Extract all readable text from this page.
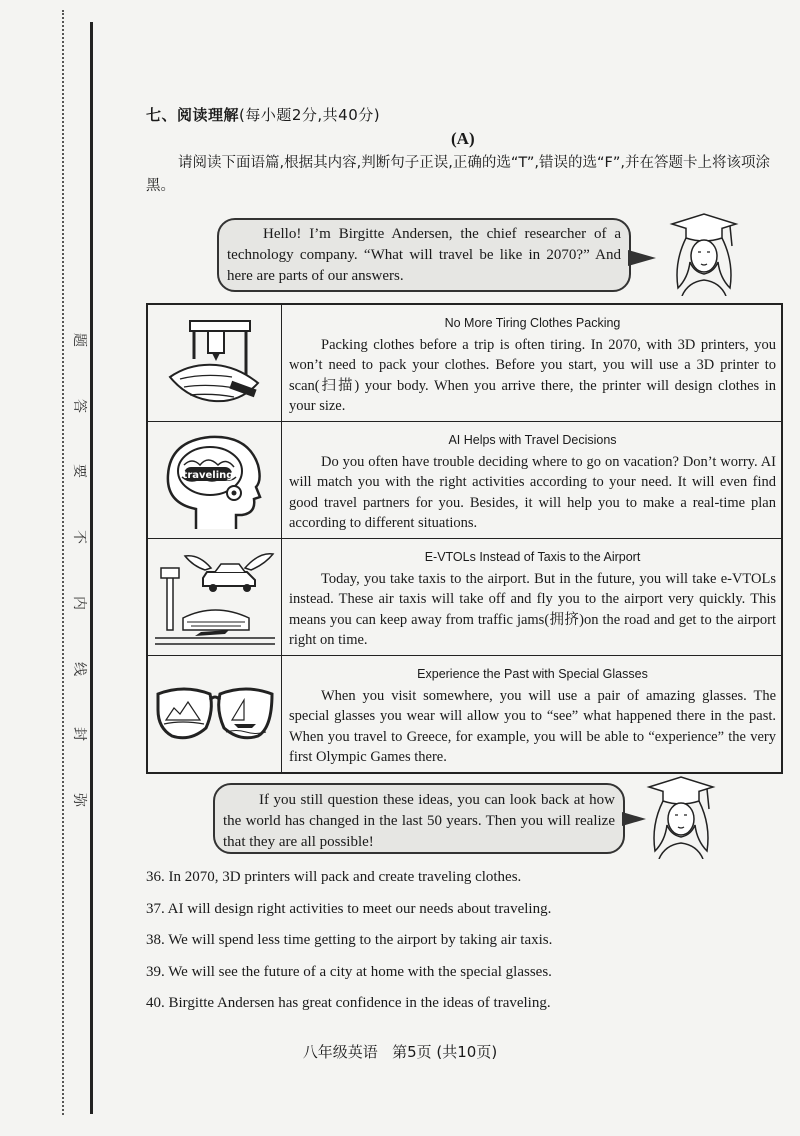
题
答
要
不
内
线
封
弥
七、阅读理解(每小题2分,共40分)
(A)
请阅读下面语篇,根据其内容,判断句子正误,正确的选“T”,错误的选“F”,并在答题卡上将该项涂黑。
Hello! I’m Birgitte Andersen, the chief researcher of a technology company. “What will travel be like in 2070?” And here are parts of our answers.
No More Tiring Clothes Packing
Packing clothes before a trip is often tiring. In 2070, with 3D printers, you won’t need to pack your clothes. Before you start, you will use a 3D printer to scan(扫描) your body. When you arrive there, the printer will design clothes in your size.
traveling
AI Helps with Travel Decisions
Do you often have trouble deciding where to go on vacation? Don’t worry. AI will match you with the right activities according to your need. It will even find good travel partners for you. Besides, it will help you to make a real-time plan according to different situations.
E-VTOLs Instead of Taxis to the Airport
Today, you take taxis to the airport. But in the future, you will take e-VTOLs instead. These air taxis will take off and fly you to the airport very quickly. This means you can keep away from traffic jams(拥挤)on the road and get to the airport right on time.
Experience the Past with Special Glasses
When you visit somewhere, you will use a pair of amazing glasses. The special glasses you wear will allow you to “see” what happened there in the past. When you travel to Greece, for example, you will be able to “experience” the very first Olympic Games there.
If you still question these ideas, you can look back at how the world has changed in the last 50 years. Then you will realize that they are all possible!
36. In 2070, 3D printers will pack and create traveling clothes.
37. AI will design right activities to meet our needs about traveling.
38. We will spend less time getting to the airport by taking air taxis.
39. We will see the future of a city at home with the special glasses.
40. Birgitte Andersen has great confidence in the ideas of traveling.
八年级英语   第5页 (共10页)
